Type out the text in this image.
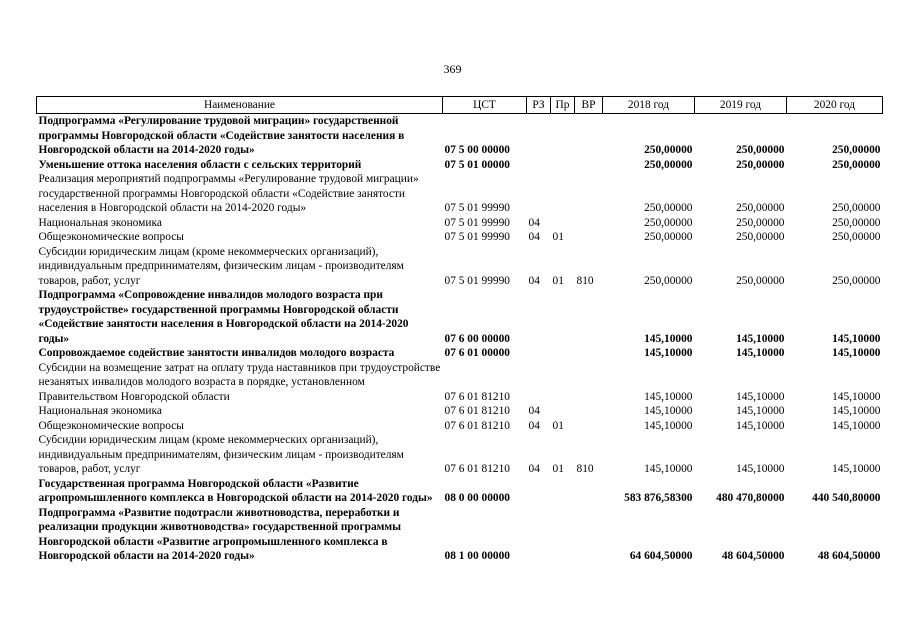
369
Наименование	ЦСТ	РЗ	Пр	ВР	2018 год	2019 год	2020 год
Подпрограмма «Регулирование трудовой миграции» государственной программы Новгородской области «Содействие занятости населения в Новгородской области на 2014-2020 годы»	07 5 00 00000				250,00000	250,00000	250,00000
Уменьшение оттока населения области с сельских территорий	07 5 01 00000				250,00000	250,00000	250,00000
Реализация мероприятий подпрограммы «Регулирование трудовой миграции» государственной программы Новгородской области «Содействие занятости населения в Новгородской области на 2014-2020 годы»	07 5 01 99990				250,00000	250,00000	250,00000
Национальная экономика	07 5 01 99990	04			250,00000	250,00000	250,00000
Общеэкономические вопросы	07 5 01 99990	04	01		250,00000	250,00000	250,00000
Субсидии юридическим лицам (кроме некоммерческих организаций), индивидуальным предпринимателям, физическим лицам - производителям товаров, работ, услуг	07 5 01 99990	04	01	810	250,00000	250,00000	250,00000
Подпрограмма «Сопровождение инвалидов молодого возраста при трудоустройстве» государственной программы Новгородской области «Содействие занятости населения в Новгородской области на 2014-2020 годы»	07 6 00 00000				145,10000	145,10000	145,10000
Сопровождаемое содействие занятости инвалидов молодого возраста	07 6 01 00000				145,10000	145,10000	145,10000
Субсидии на возмещение затрат на оплату труда наставников при трудоустройстве незанятых инвалидов молодого возраста в порядке, установленном Правительством Новгородской области	07 6 01 81210				145,10000	145,10000	145,10000
Национальная экономика	07 6 01 81210	04			145,10000	145,10000	145,10000
Общеэкономические вопросы	07 6 01 81210	04	01		145,10000	145,10000	145,10000
Субсидии юридическим лицам (кроме некоммерческих организаций), индивидуальным предпринимателям, физическим лицам - производителям товаров, работ, услуг	07 6 01 81210	04	01	810	145,10000	145,10000	145,10000
Государственная программа Новгородской области «Развитие агропромышленного комплекса в Новгородской области на 2014-2020 годы»	08 0 00 00000				583 876,58300	480 470,80000	440 540,80000
Подпрограмма «Развитие подотрасли животноводства, переработки и реализации продукции животноводства» государственной программы Новгородской области «Развитие агропромышленного комплекса в Новгородской области на 2014-2020 годы»	08 1 00 00000				64 604,50000	48 604,50000	48 604,50000
